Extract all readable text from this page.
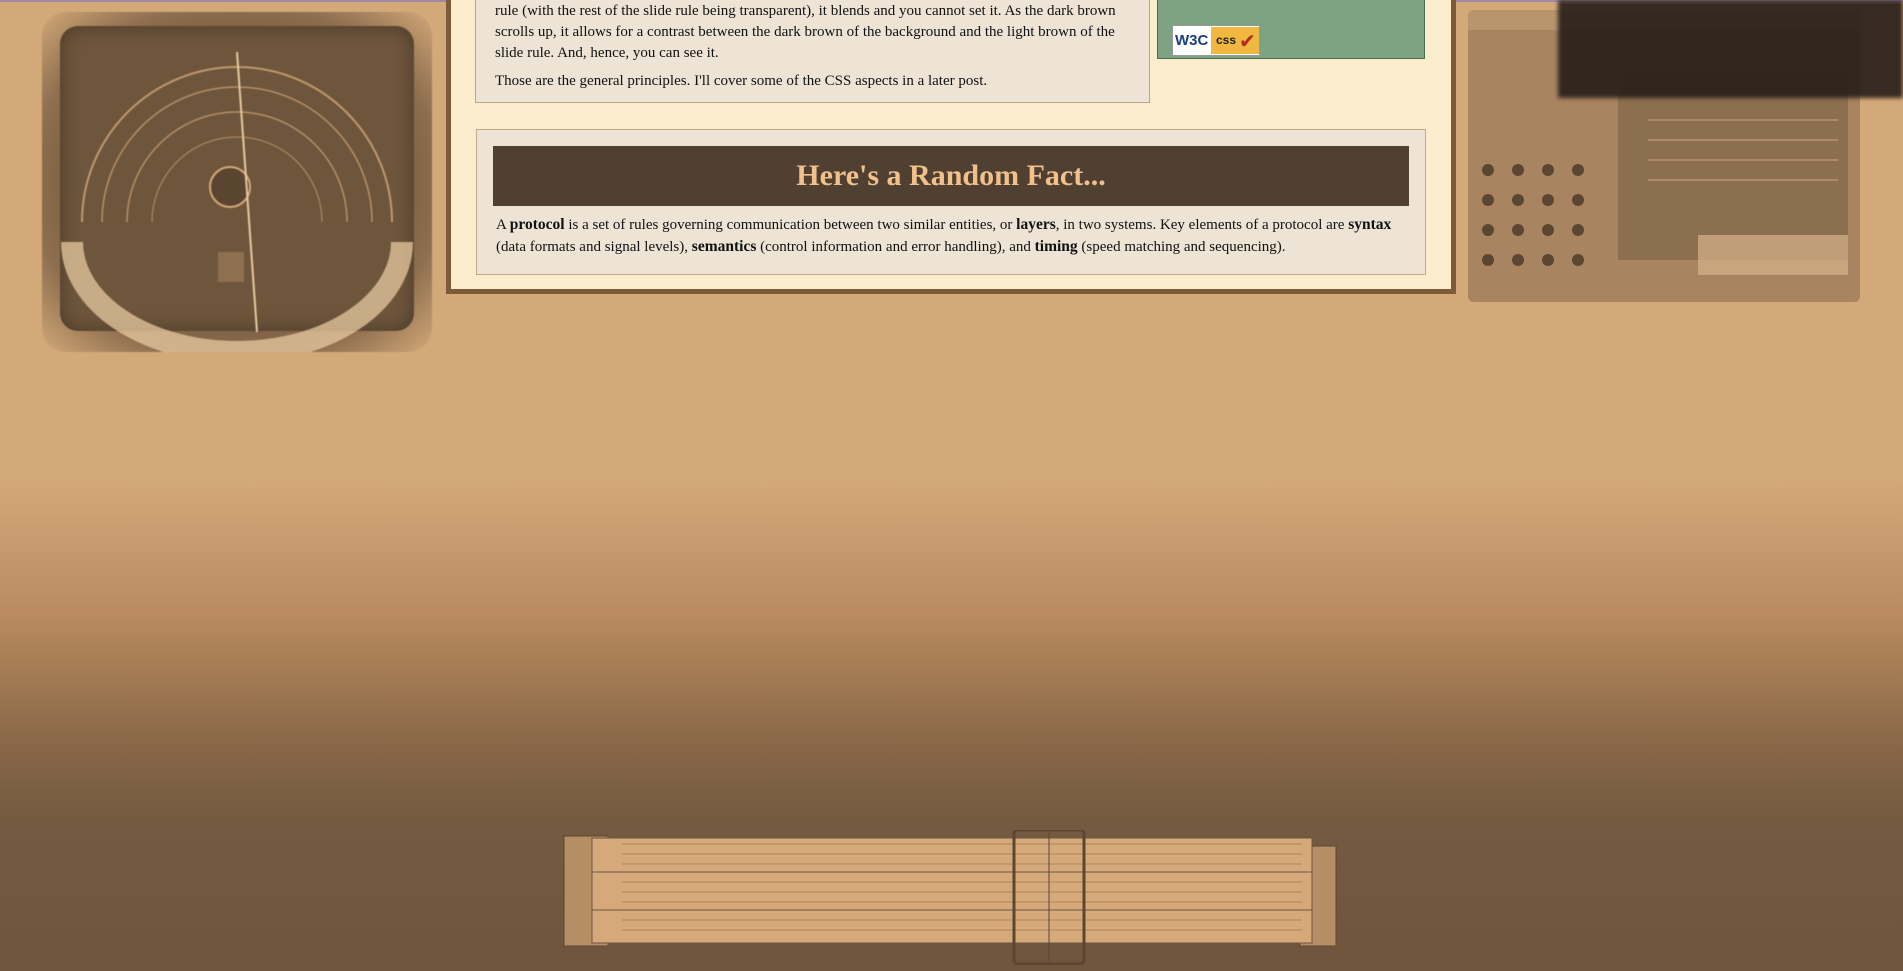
rule (with the rest of the slide rule being transparent), it blends and you cannot set it. As the dark brown scrolls up, it allows for a contrast between the dark brown of the background and the light brown of the slide rule. And, hence, you can see it.

Those are the general principles. I'll cover some of the CSS aspects in a later post.

W3C css ✔
Here's a Random Fact...
A protocol is a set of rules governing communication between two similar entities, or layers, in two systems. Key elements of a protocol are syntax (data formats and signal levels), semantics (control information and error handling), and timing (speed matching and sequencing).
